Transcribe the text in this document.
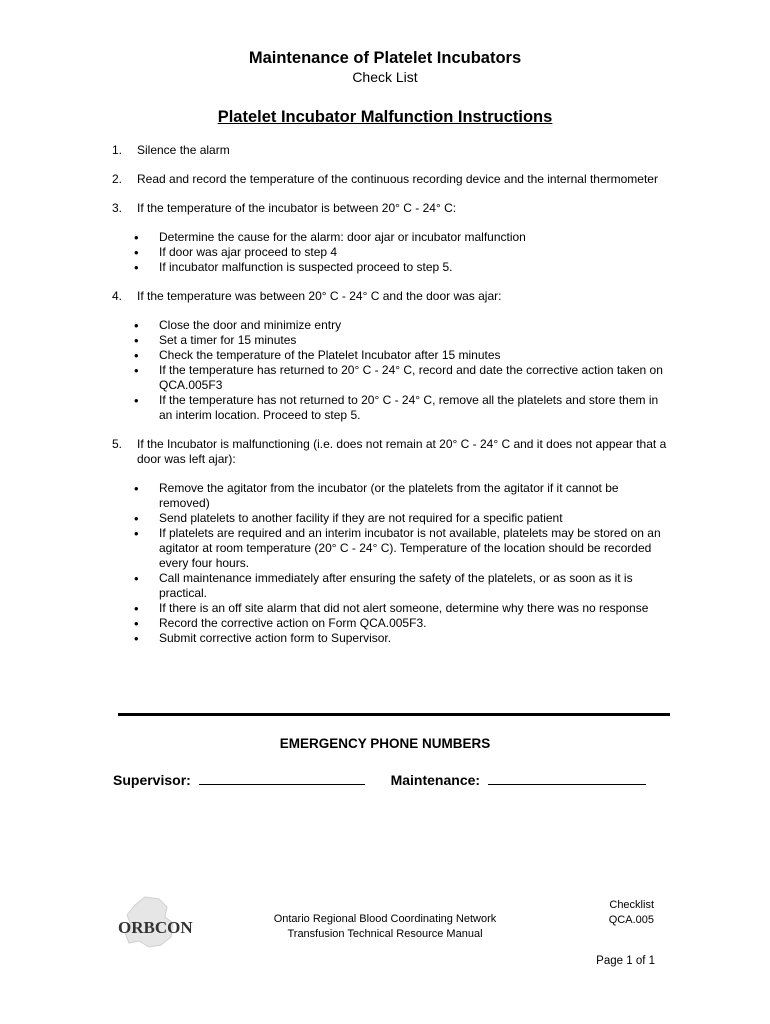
Maintenance of Platelet Incubators
Check List
Platelet Incubator Malfunction Instructions
1. Silence the alarm
2. Read and record the temperature of the continuous recording device and the internal thermometer
3. If the temperature of the incubator is between 20° C - 24° C:
• Determine the cause for the alarm: door ajar or incubator malfunction
• If door was ajar proceed to step 4
• If incubator malfunction is suspected proceed to step 5.
4. If the temperature was between 20° C - 24° C and the door was ajar:
• Close the door and minimize entry
• Set a timer for 15 minutes
• Check the temperature of the Platelet Incubator after 15 minutes
• If the temperature has returned to 20° C - 24° C, record and date the corrective action taken on QCA.005F3
• If the temperature has not returned to 20° C - 24° C, remove all the platelets and store them in an interim location. Proceed to step 5.
5. If the Incubator is malfunctioning (i.e. does not remain at 20° C - 24° C and it does not appear that a door was left ajar):
• Remove the agitator from the incubator (or the platelets from the agitator if it cannot be removed)
• Send platelets to another facility if they are not required for a specific patient
• If platelets are required and an interim incubator is not available, platelets may be stored on an agitator at room temperature (20° C - 24° C). Temperature of the location should be recorded every four hours.
• Call maintenance immediately after ensuring the safety of the platelets, or as soon as it is practical.
• If there is an off site alarm that did not alert someone, determine why there was no response
• Record the corrective action on Form QCA.005F3.
• Submit corrective action form to Supervisor.
EMERGENCY PHONE NUMBERS
Supervisor:	Maintenance:
ORBCON	Ontario Regional Blood Coordinating Network
Transfusion Technical Resource Manual
Checklist
QCA.005
Page 1 of 1
